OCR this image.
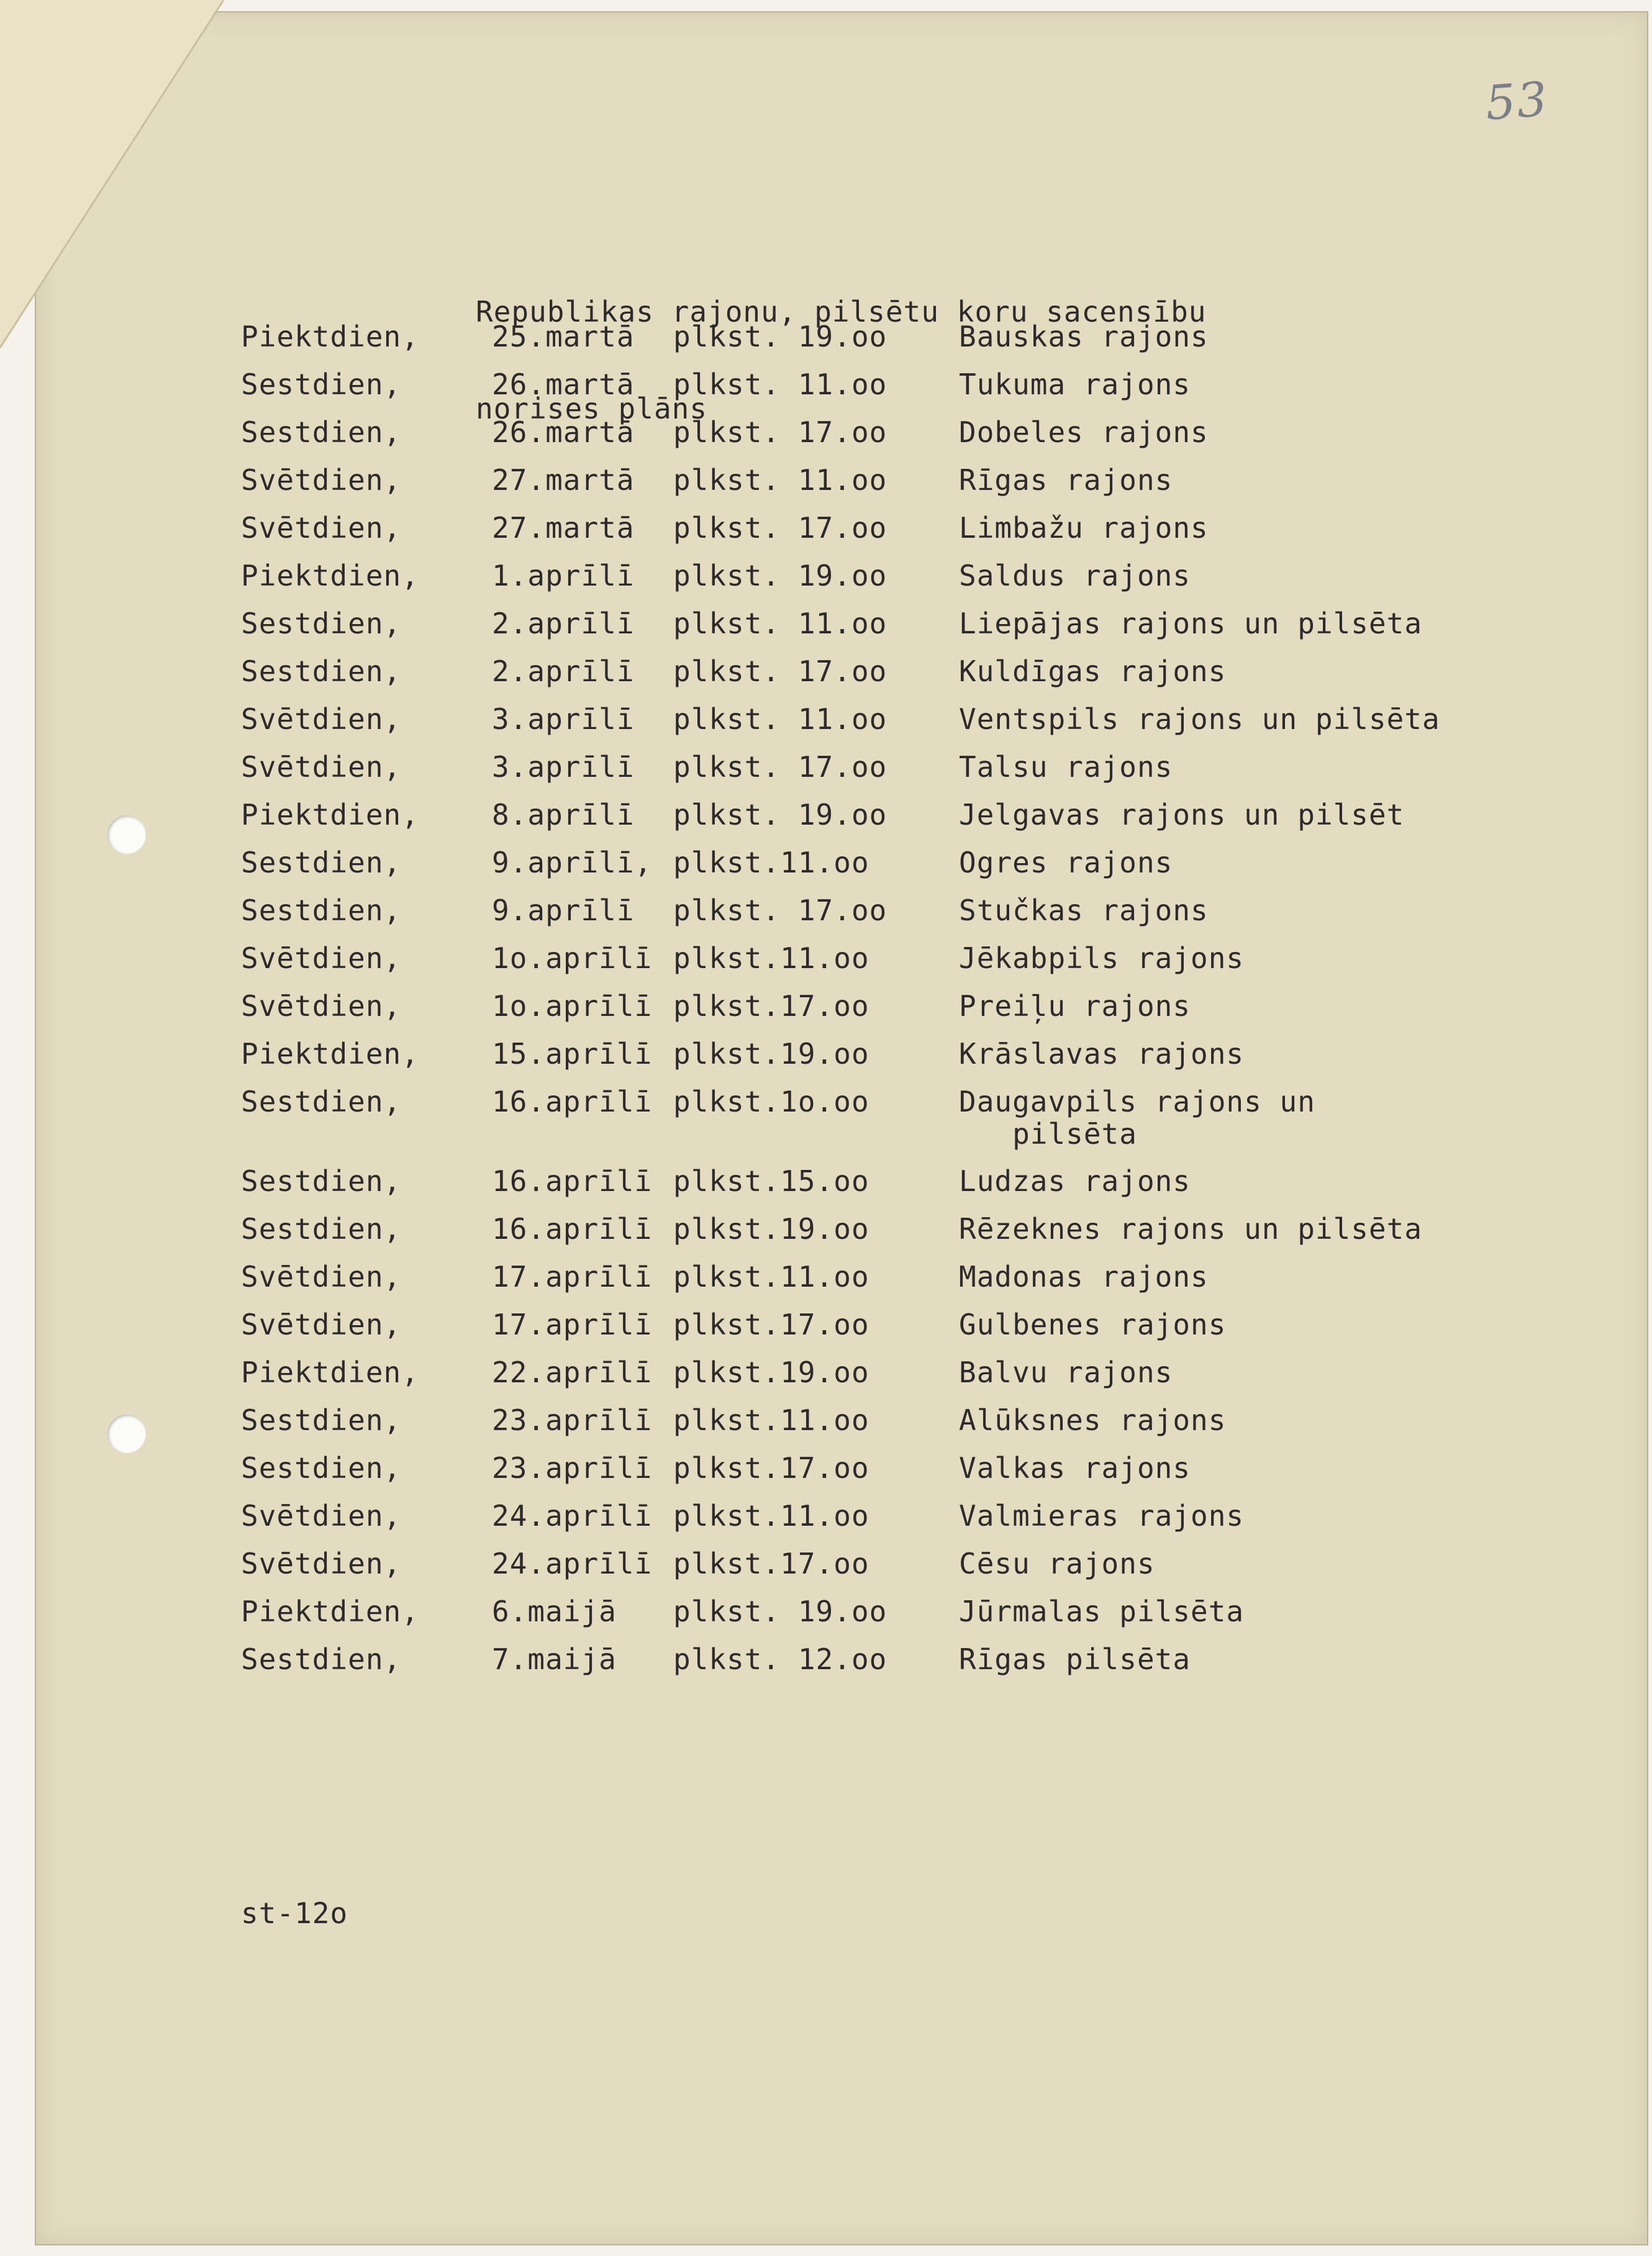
53

Republikas rajonu, pilsētu koru sacensību

norises plāns

Piektdien,	25.martā plkst. 19.oo	Bauskas rajons
Sestdien,	26.martā plkst. 11.oo	Tukuma rajons
Sestdien,	26.martā plkst. 17.oo	Dobeles rajons
Svētdien,	27.martā plkst. 11.oo	Rīgas rajons
Svētdien,	27.martā plkst. 17.oo	Limbažu rajons
Piektdien,	1.aprīlī plkst. 19.oo	Saldus rajons
Sestdien,	2.aprīlī plkst. 11.oo	Liepājas rajons un pilsēta
Sestdien,	2.aprīlī plkst. 17.oo	Kuldīgas rajons
Svētdien,	3.aprīlī plkst. 11.oo	Ventspils rajons un pilsēta
Svētdien,	3.aprīlī plkst. 17.oo	Talsu rajons
Piektdien,	8.aprīlī plkst. 19.oo	Jelgavas rajons un pilsēt
Sestdien,	9.aprīlī, plkst.11.oo	Ogres rajons
Sestdien,	9.aprīlī plkst. 17.oo	Stučkas rajons
Svētdien,	1o.aprīlī plkst.11.oo	Jēkabpils rajons
Svētdien,	1o.aprīlī plkst.17.oo	Preiļu rajons
Piektdien,	15.aprīlī plkst.19.oo	Krāslavas rajons
Sestdien,	16.aprīlī plkst.1o.oo	Daugavpils rajons un
pilsēta
Sestdien,	16.aprīlī plkst.15.oo	Ludzas rajons
Sestdien,	16.aprīlī plkst.19.oo	Rēzeknes rajons un pilsēta
Svētdien,	17.aprīlī plkst.11.oo	Madonas rajons
Svētdien,	17.aprīlī plkst.17.oo	Gulbenes rajons
Piektdien,	22.aprīlī plkst.19.oo	Balvu rajons
Sestdien,	23.aprīlī plkst.11.oo	Alūksnes rajons
Sestdien,	23.aprīlī plkst.17.oo	Valkas rajons
Svētdien,	24.aprīlī plkst.11.oo	Valmieras rajons
Svētdien,	24.aprīlī plkst.17.oo	Cēsu rajons
Piektdien,	6.maijā plkst. 19.oo	Jūrmalas pilsēta
Sestdien,	7.maijā plkst. 12.oo	Rīgas pilsēta
st-12o
